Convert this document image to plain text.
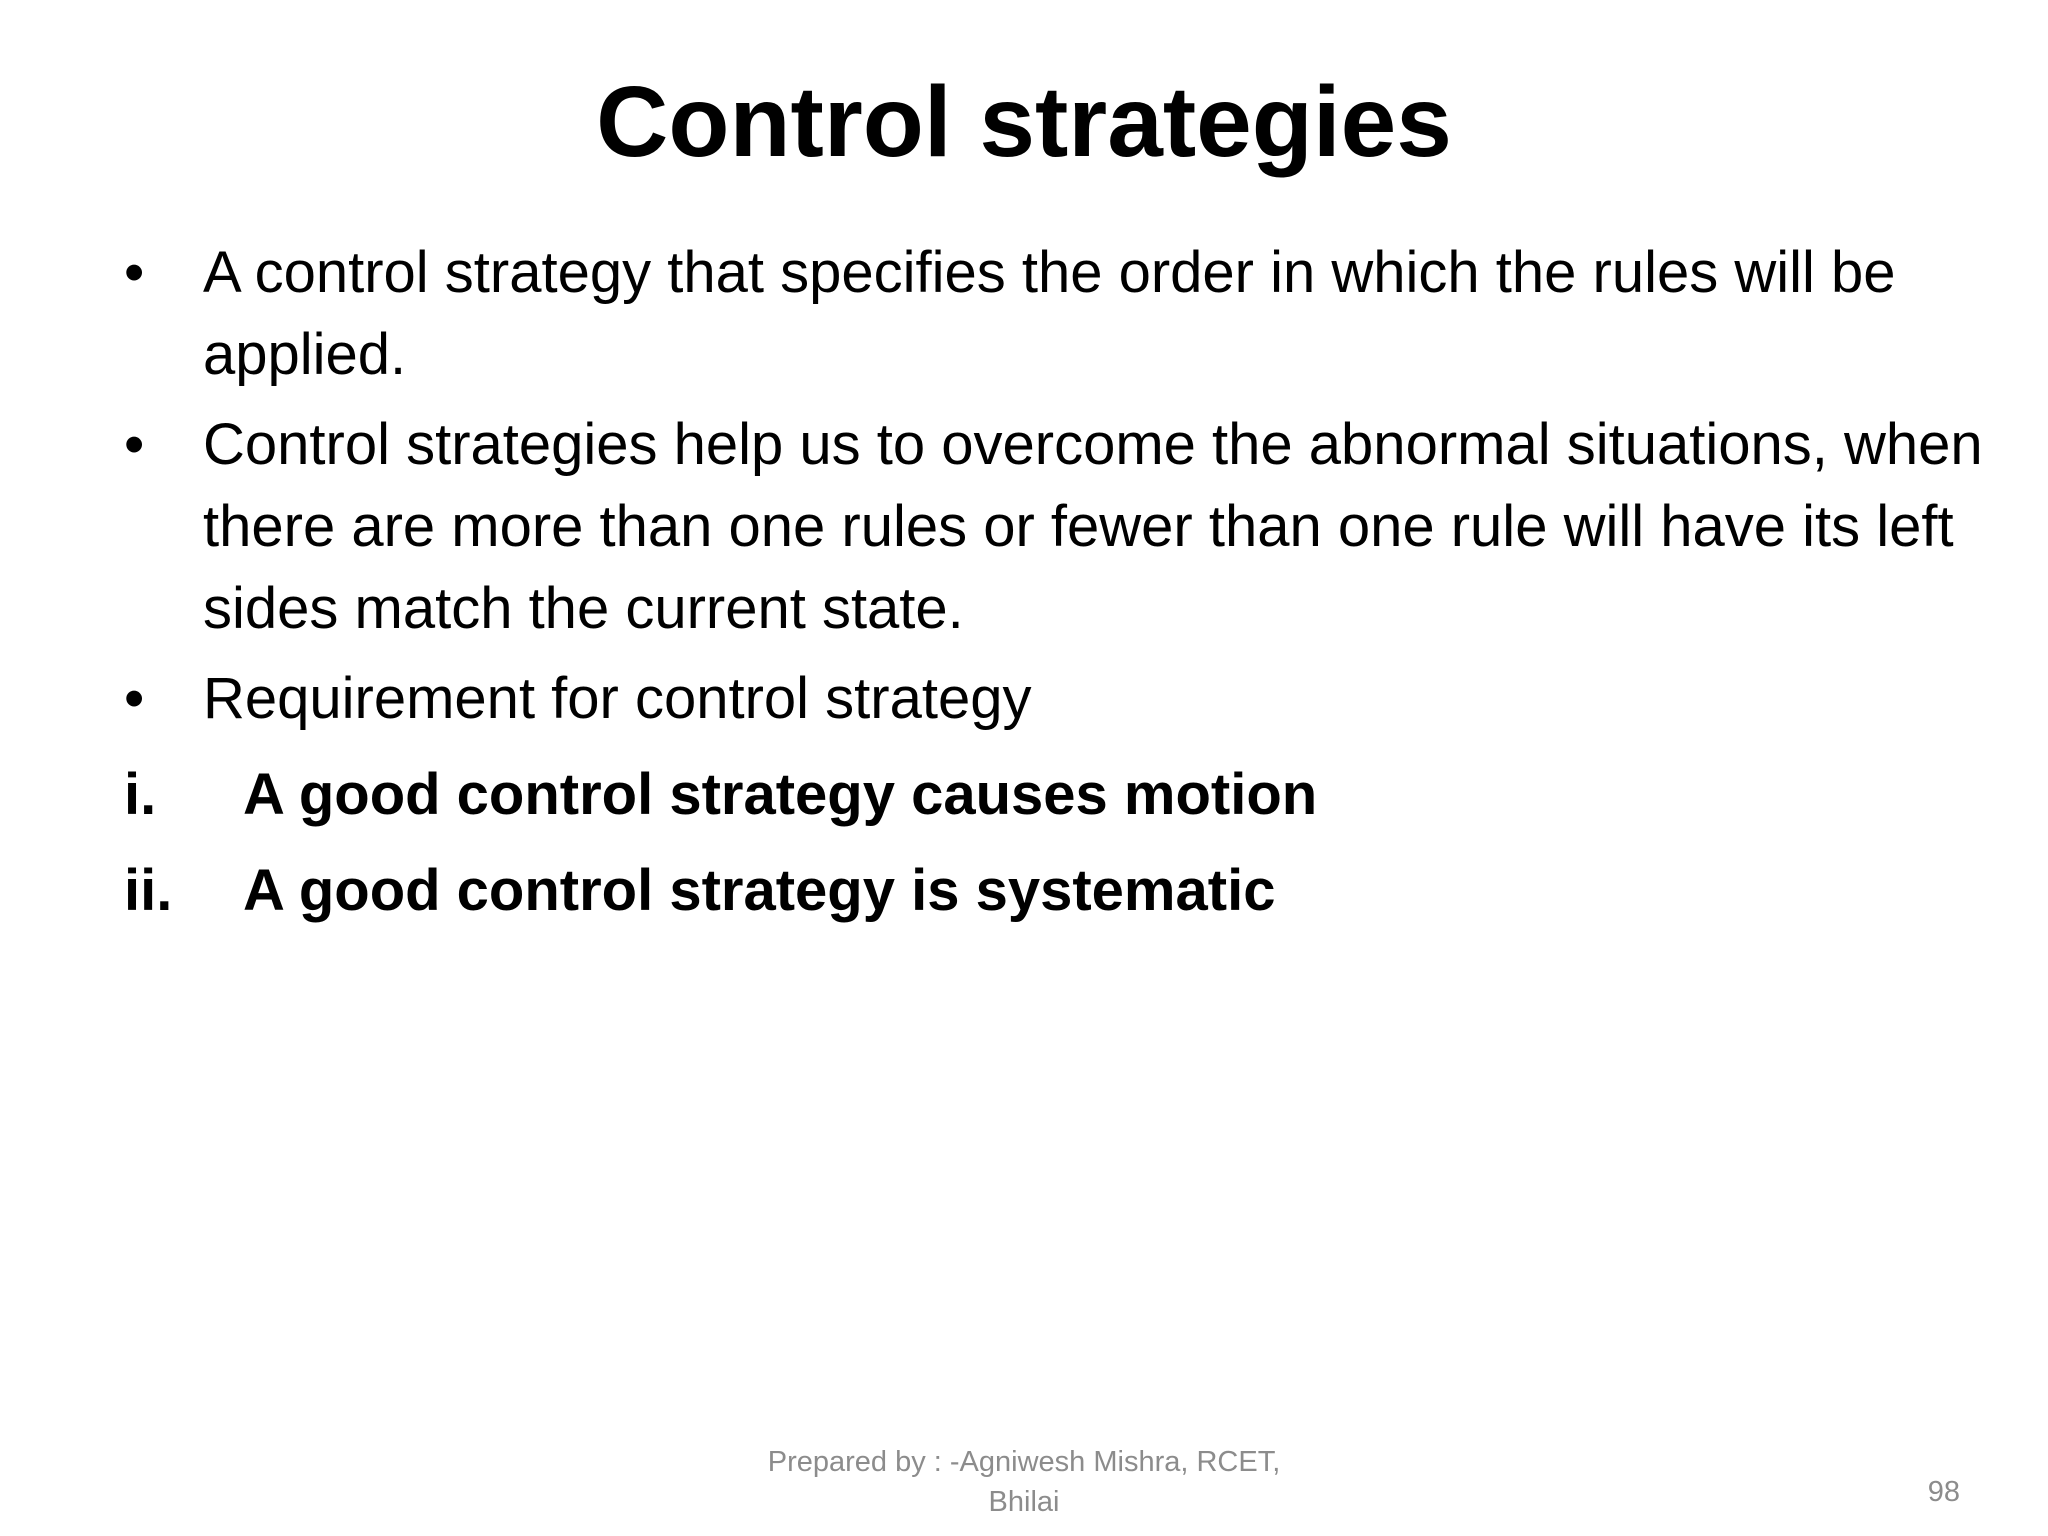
Control strategies
• A control strategy that specifies the order in which the rules will be applied.
• Control strategies help us to overcome the abnormal situations, when there are more than one rules or fewer than one rule will have its left sides match the current state.
• Requirement for control strategy
i. A good control strategy causes motion
ii. A good control strategy is systematic
Prepared by : -Agniwesh Mishra, RCET,
Bhilai	98
